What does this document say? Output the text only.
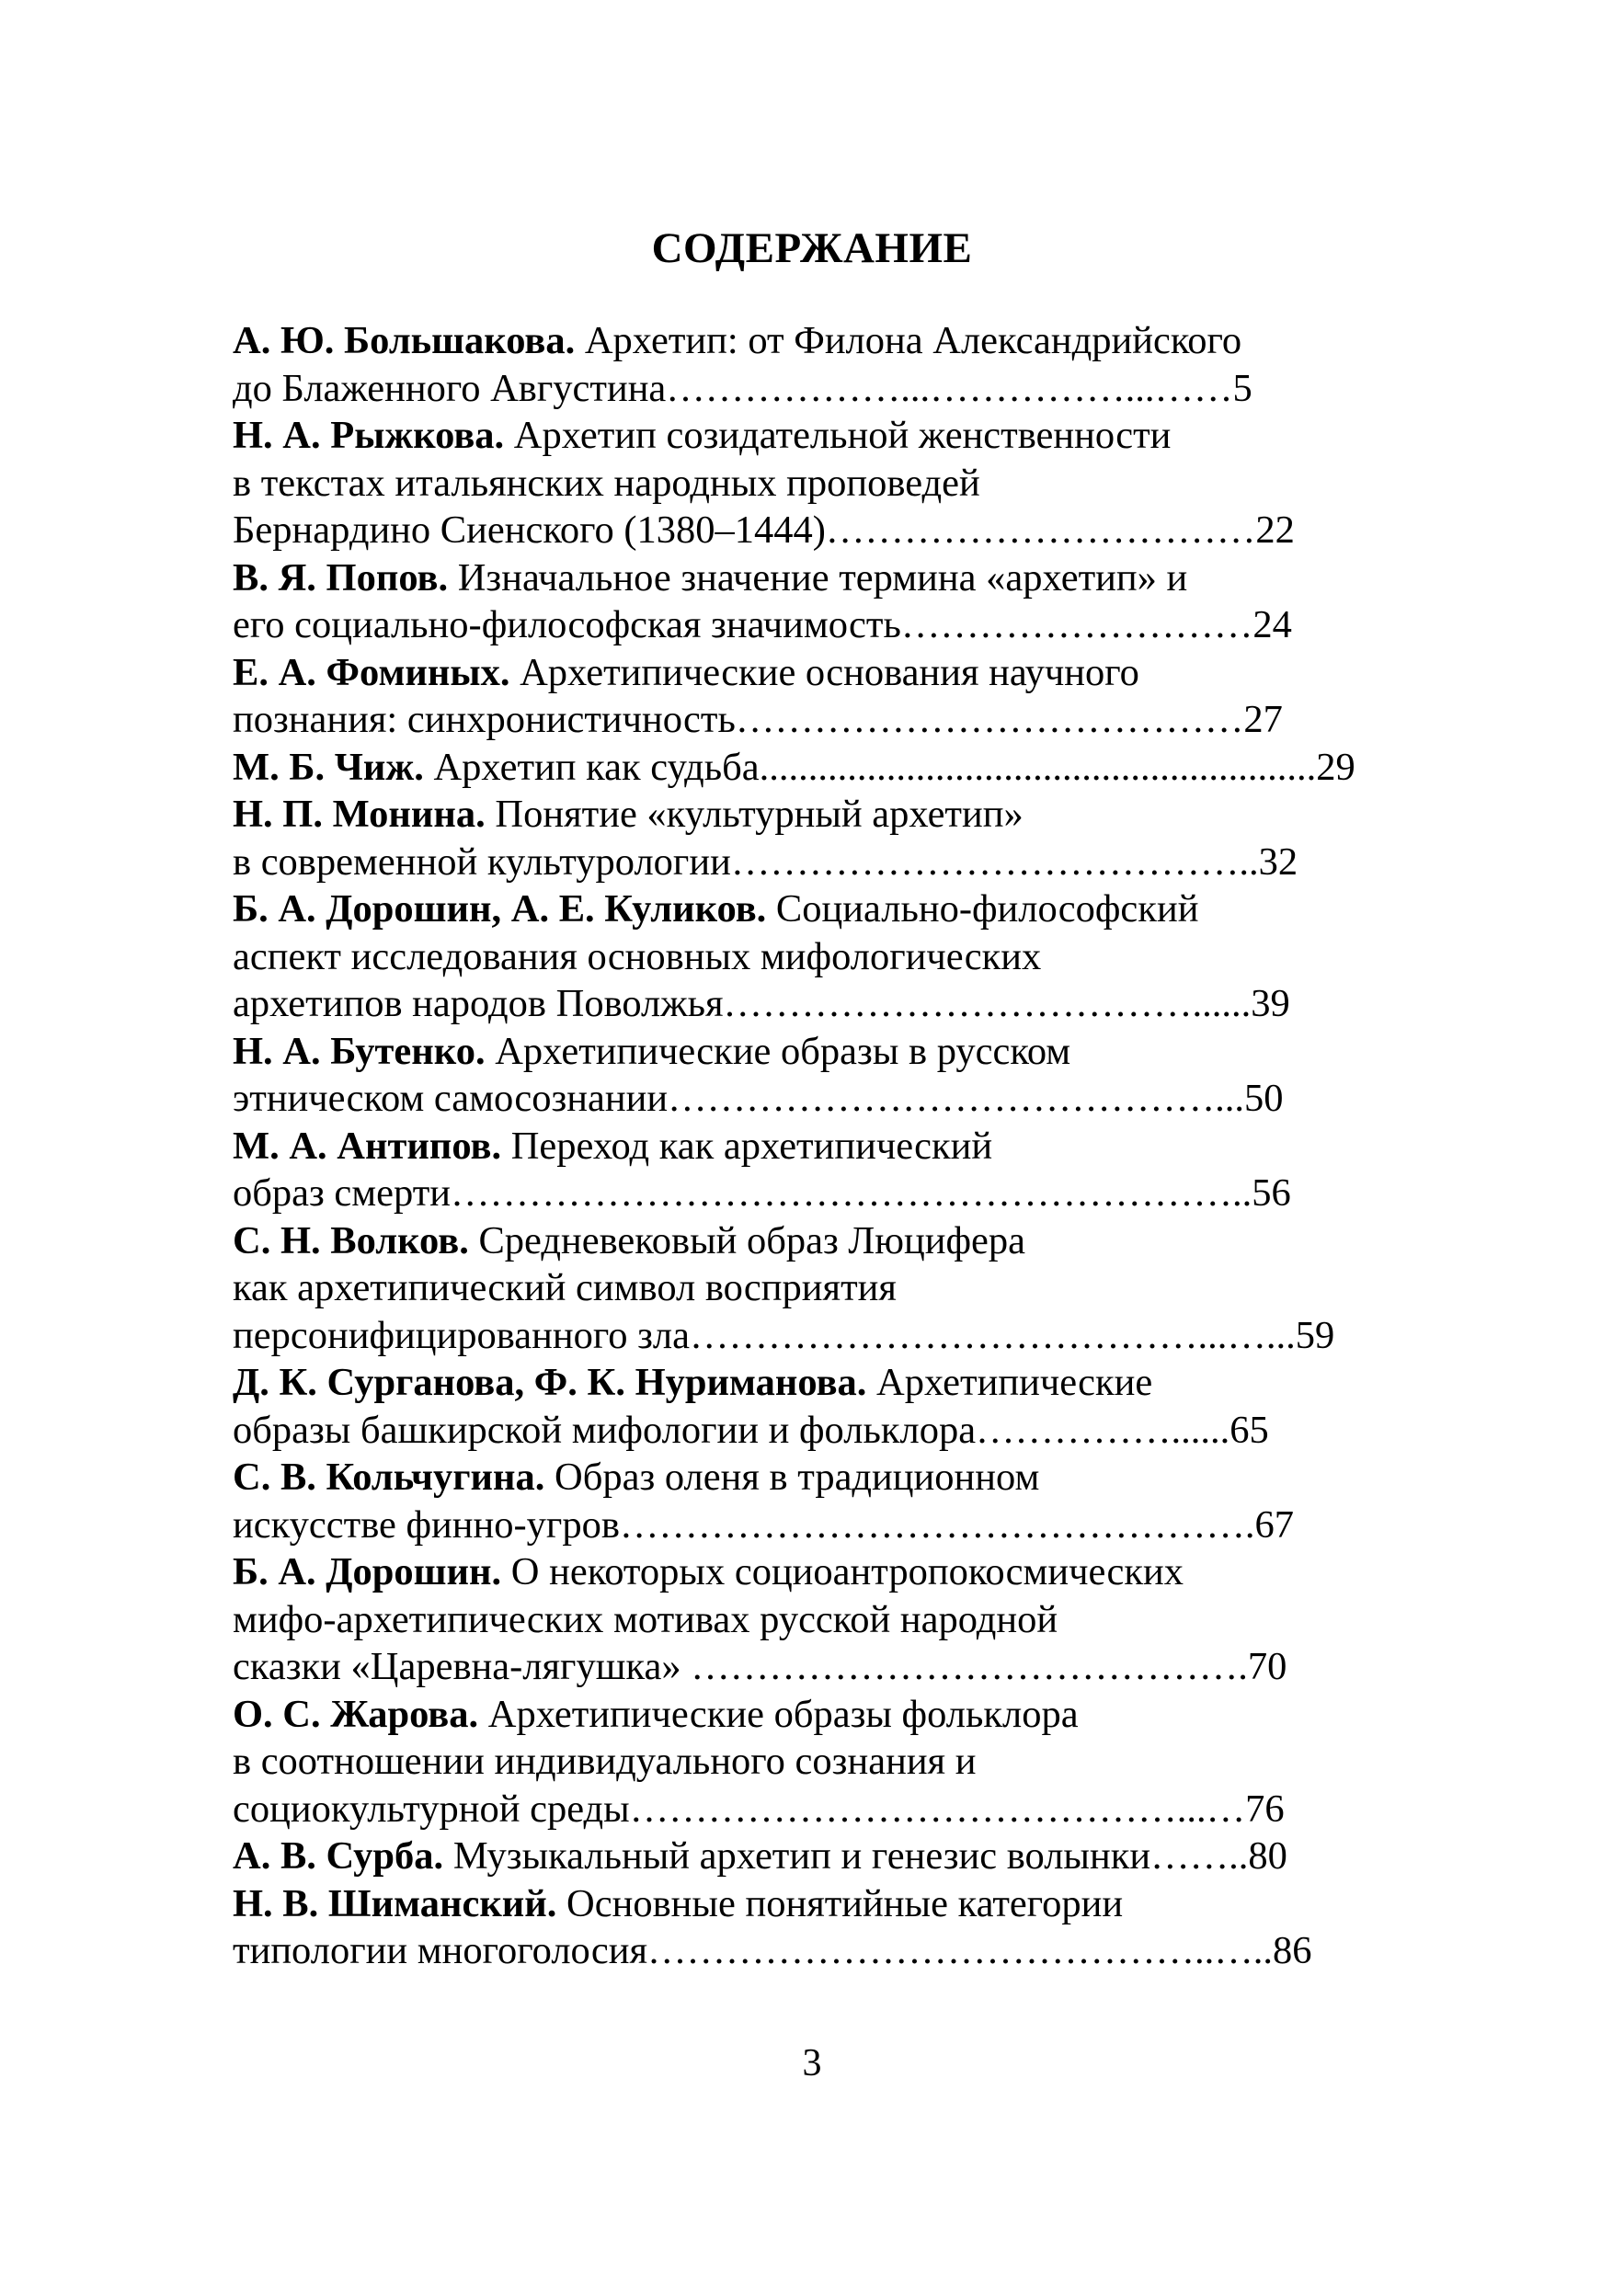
СОДЕРЖАНИЕ
А. Ю. Большакова. Архетип: от Филона Александрийского
до Блаженного Августина………………...……………...……5
Н. А. Рыжкова. Архетип созидательной женственности
в текстах итальянских народных проповедей
Бернардино Сиенского (1380–1444)……………………………22
В. Я. Попов. Изначальное значение термина «архетип» и
его социально-философская значимость………………………24
Е. А. Фоминых. Архетипические основания научного
познания: синхронистичность…………………………………27
М. Б. Чиж. Архетип как судьба.........................................................29
Н. П. Монина. Понятие «культурный архетип»
в современной культурологии…………………………………..32
Б. А. Дорошин, А. Е. Куликов. Социально-философский
аспект исследования основных мифологических
архетипов народов Поволжья………………………………......39
Н. А. Бутенко. Архетипические образы в русском
этническом самосознании……………………………………...50
М. А. Антипов. Переход как архетипический
образ смерти……………………………………………………..56
С. Н. Волков. Средневековый образ Люцифера
как архетипический символ восприятия
персонифицированного зла…………………………………...…...59
Д. К. Сурганова, Ф. К. Нуриманова. Архетипические
образы башкирской мифологии и фольклора……………......65
С. В. Кольчугина. Образ оленя в традиционном
искусстве финно-угров………………………………………….67
Б. А. Дорошин. О некоторых социоантропокосмических
мифо-архетипических мотивах русской народной
сказки «Царевна-лягушка» …………………………………….70
О. С. Жарова. Архетипические образы фольклора
в соотношении индивидуального сознания и
социокультурной среды……………………………………...…76
А. В. Сурба. Музыкальный архетип и генезис волынки……..80
Н. В. Шиманский. Основные понятийные категории
типологии многоголосия……………………………………..…..86
3
